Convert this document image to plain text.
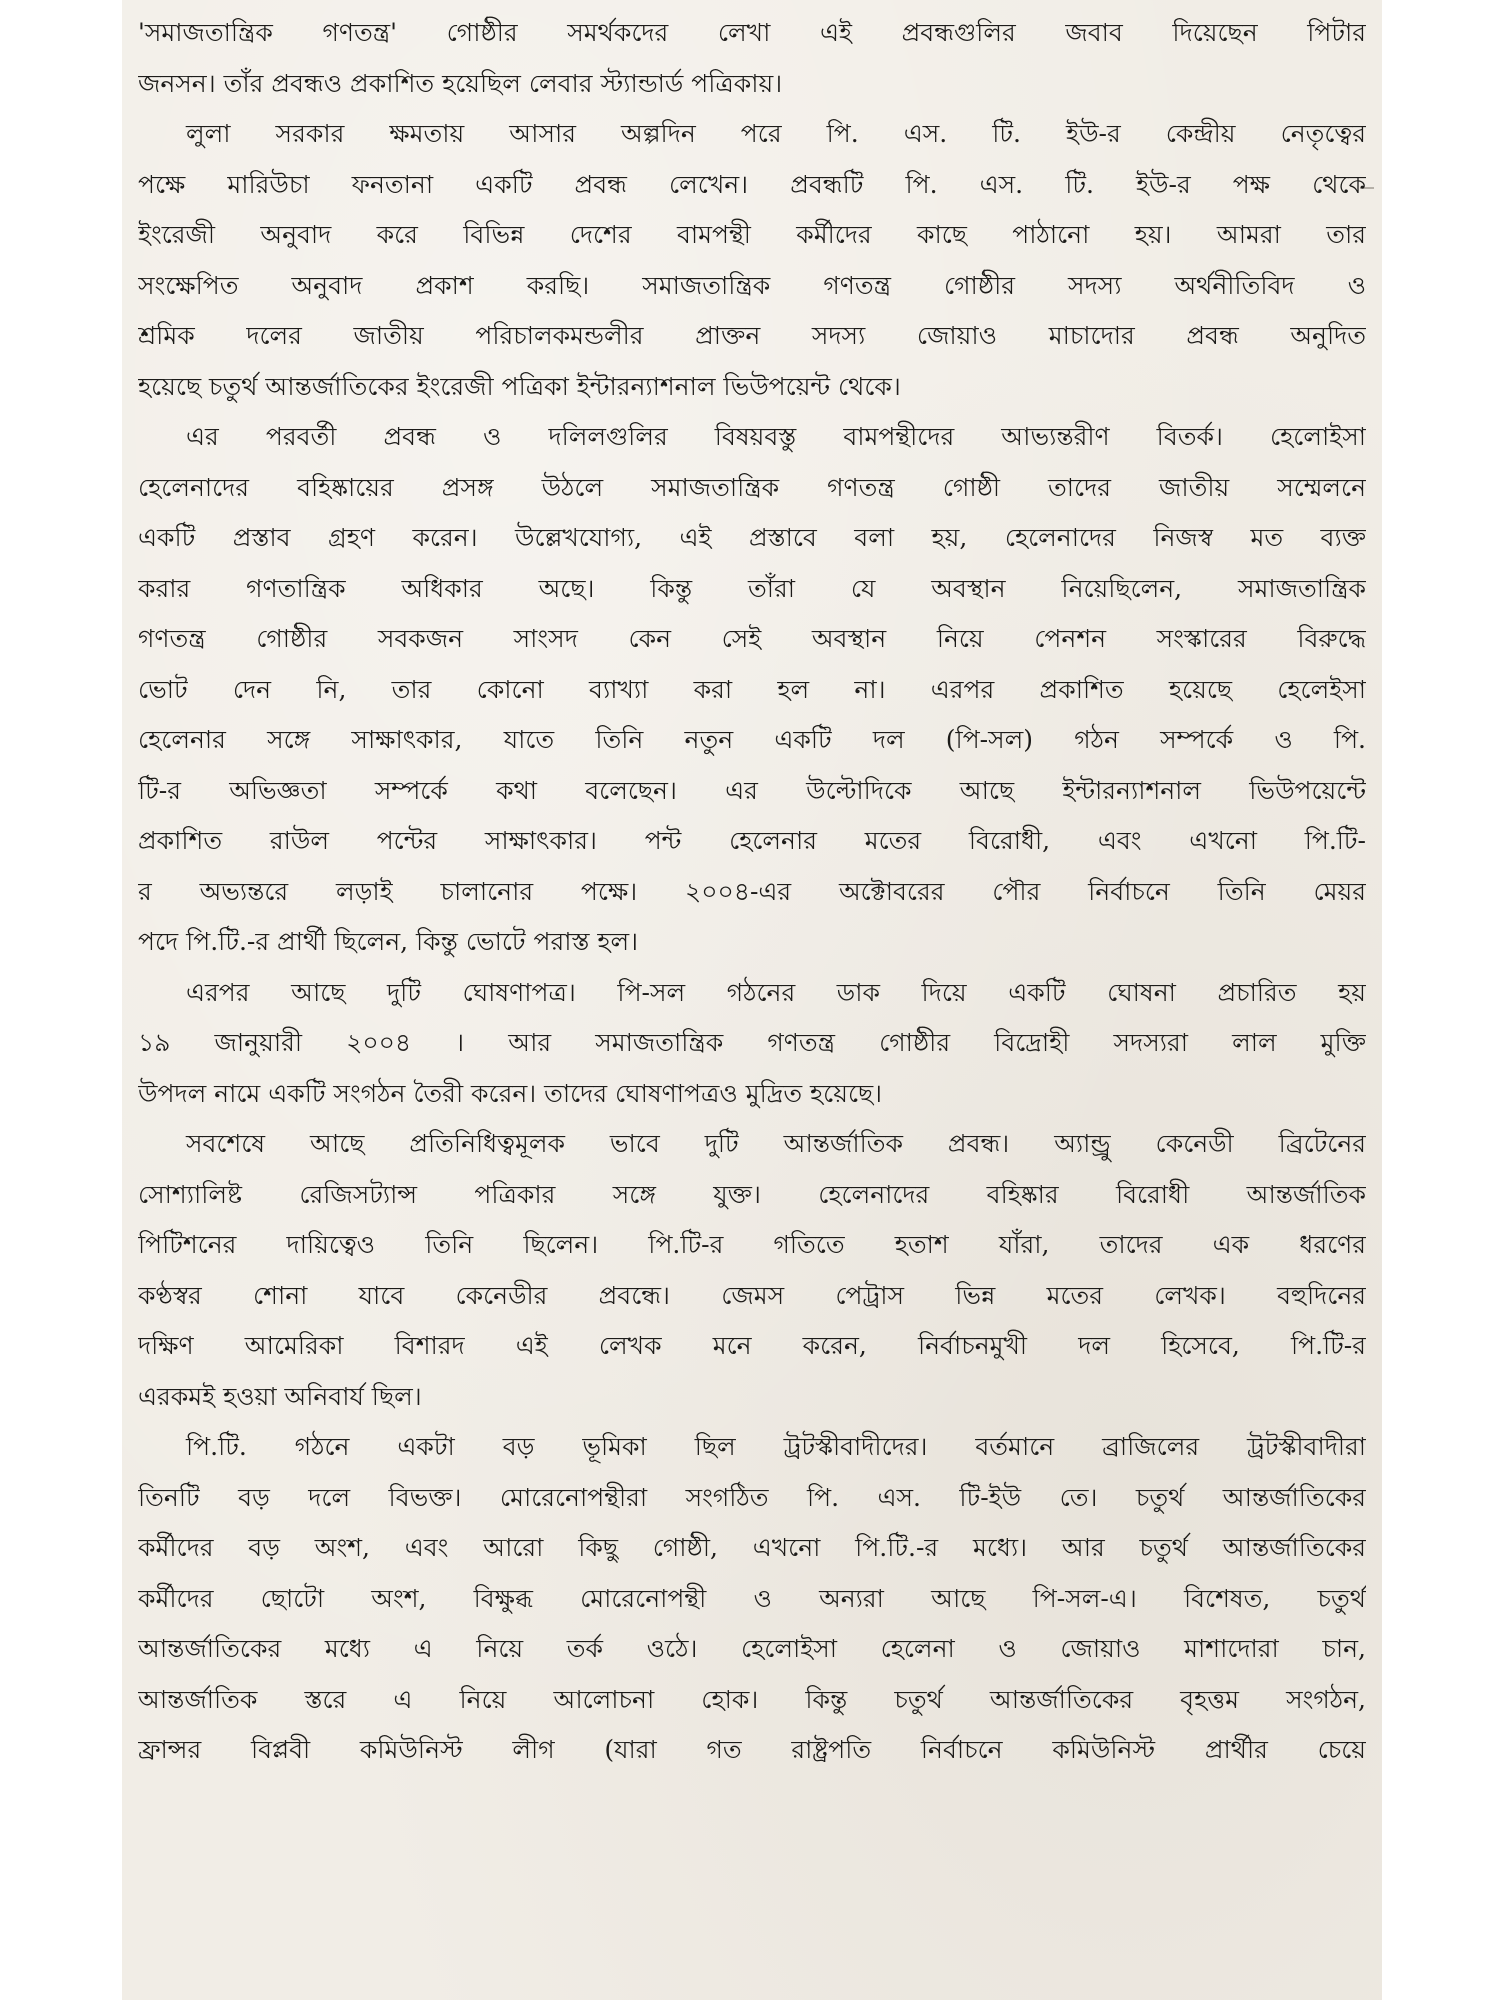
'সমাজতান্ত্রিক গণতন্ত্র' গোষ্ঠীর সমর্থকদের লেখা এই প্রবন্ধগুলির জবাব দিয়েছেন পিটার
জনসন। তাঁর প্রবন্ধও প্রকাশিত হয়েছিল লেবার স্ট্যান্ডার্ড পত্রিকায়।
লুলা সরকার ক্ষমতায় আসার অল্পদিন পরে পি. এস. টি. ইউ-র কেন্দ্রীয় নেতৃত্বের
পক্ষে মারিউচা ফনতানা একটি প্রবন্ধ লেখেন। প্রবন্ধটি পি. এস. টি. ইউ-র পক্ষ থেকে
ইংরেজী অনুবাদ করে বিভিন্ন দেশের বামপন্থী কর্মীদের কাছে পাঠানো হয়। আমরা তার
সংক্ষেপিত অনুবাদ প্রকাশ করছি। সমাজতান্ত্রিক গণতন্ত্র গোষ্ঠীর সদস্য অর্থনীতিবিদ ও
শ্রমিক দলের জাতীয় পরিচালকমন্ডলীর প্রাক্তন সদস্য জোয়াও মাচাদোর প্রবন্ধ অনুদিত
হয়েছে চতুর্থ আন্তর্জাতিকের ইংরেজী পত্রিকা ইন্টারন্যাশনাল ভিউপয়েন্ট থেকে।
এর পরবর্তী প্রবন্ধ ও দলিলগুলির বিষয়বস্তু বামপন্থীদের আভ্যন্তরীণ বিতর্ক। হেলোইসা
হেলেনাদের বহিষ্কায়ের প্রসঙ্গ উঠলে সমাজতান্ত্রিক গণতন্ত্র গোষ্ঠী তাদের জাতীয় সম্মেলনে
একটি প্রস্তাব গ্রহণ করেন। উল্লেখযোগ্য, এই প্রস্তাবে বলা হয়, হেলেনাদের নিজস্ব মত ব্যক্ত
করার গণতান্ত্রিক অধিকার অছে। কিন্তু তাঁরা যে অবস্থান নিয়েছিলেন, সমাজতান্ত্রিক
গণতন্ত্র গোষ্ঠীর সবকজন সাংসদ কেন সেই অবস্থান নিয়ে পেনশন সংস্কারের বিরুদ্ধে
ভোট দেন নি, তার কোনো ব্যাখ্যা করা হল না। এরপর প্রকাশিত হয়েছে হেলেইসা
হেলেনার সঙ্গে সাক্ষাৎকার, যাতে তিনি নতুন একটি দল (পি-সল) গঠন সম্পর্কে ও পি.
টি-র অভিজ্ঞতা সম্পর্কে কথা বলেছেন। এর উল্টোদিকে আছে ইন্টারন্যাশনাল ভিউপয়েন্টে
প্রকাশিত রাউল পন্টের সাক্ষাৎকার। পন্ট হেলেনার মতের বিরোধী, এবং এখনো পি.টি-
র অভ্যন্তরে লড়াই চালানোর পক্ষে। ২০০৪-এর অক্টোবরের পৌর নির্বাচনে তিনি মেয়র
পদে পি.টি.-র প্রার্থী ছিলেন, কিন্তু ভোটে পরাস্ত হল।
এরপর আছে দুটি ঘোষণাপত্র। পি-সল গঠনের ডাক দিয়ে একটি ঘোষনা প্রচারিত হয়
১৯ জানুয়ারী ২০০৪ । আর সমাজতান্ত্রিক গণতন্ত্র গোষ্ঠীর বিদ্রোহী সদস্যরা লাল মুক্তি
উপদল নামে একটি সংগঠন তৈরী করেন। তাদের ঘোষণাপত্রও মুদ্রিত হয়েছে।
সবশেষে আছে প্রতিনিধিত্বমূলক ভাবে দুটি আন্তর্জাতিক প্রবন্ধ। অ্যান্ড্রু কেনেডী ব্রিটেনের
সোশ্যালিষ্ট রেজিসট্যান্স পত্রিকার সঙ্গে যুক্ত। হেলেনাদের বহিষ্কার বিরোধী আন্তর্জাতিক
পিটিশনের দায়িত্বেও তিনি ছিলেন। পি.টি-র গতিতে হতাশ যাঁরা, তাদের এক ধরণের
কণ্ঠস্বর শোনা যাবে কেনেডীর প্রবন্ধে। জেমস পেট্রাস ভিন্ন মতের লেখক। বহুদিনের
দক্ষিণ আমেরিকা বিশারদ এই লেখক মনে করেন, নির্বাচনমুখী দল হিসেবে, পি.টি-র
এরকমই হওয়া অনিবার্য ছিল।
পি.টি. গঠনে একটা বড় ভূমিকা ছিল ট্রটস্কীবাদীদের। বর্তমানে ব্রাজিলের ট্রটস্কীবাদীরা
তিনটি বড় দলে বিভক্ত। মোরেনোপন্থীরা সংগঠিত পি. এস. টি-ইউ তে। চতুর্থ আন্তর্জাতিকের
কর্মীদের বড় অংশ, এবং আরো কিছু গোষ্ঠী, এখনো পি.টি.-র মধ্যে। আর চতুর্থ আন্তর্জাতিকের
কর্মীদের ছোটো অংশ, বিক্ষুব্ধ মোরেনোপন্থী ও অন্যরা আছে পি-সল-এ। বিশেষত, চতুর্থ
আন্তর্জাতিকের মধ্যে এ নিয়ে তর্ক ওঠে। হেলোইসা হেলেনা ও জোয়াও মাশাদোরা চান,
আন্তর্জাতিক স্তরে এ নিয়ে আলোচনা হোক। কিন্তু চতুর্থ আন্তর্জাতিকের বৃহত্তম সংগঠন,
ফ্রান্সর বিপ্লবী কমিউনিস্ট লীগ (যারা গত রাষ্ট্রপতি নির্বাচনে কমিউনিস্ট প্রার্থীর চেয়ে
